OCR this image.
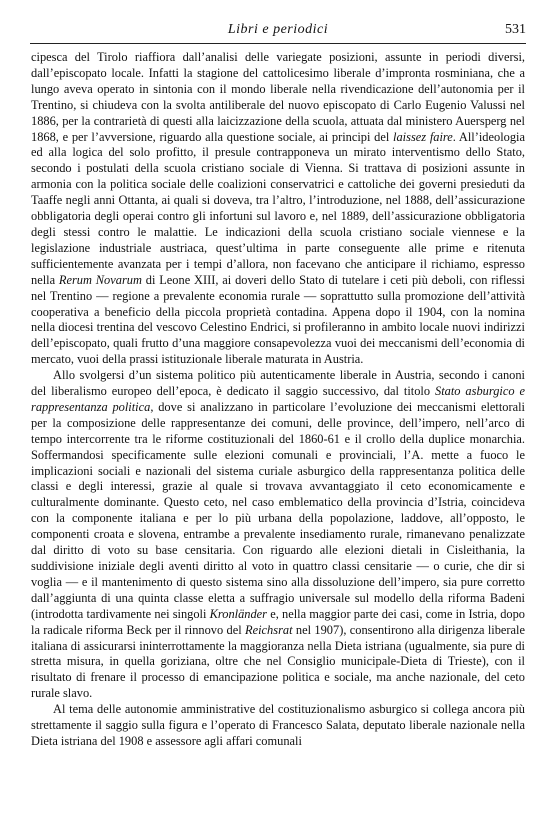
Libri e periodici	531

cipesca del Tirolo riaffiora dall’analisi delle variegate posizioni, assunte in periodi diversi, dall’episcopato locale. Infatti la stagione del cattolicesimo liberale d’impronta rosminiana, che a lungo aveva operato in sintonia con il mondo liberale nella rivendicazione dell’autonomia per il Trentino, si chiudeva con la svolta antiliberale del nuovo episcopato di Carlo Eugenio Valussi nel 1886, per la contrarietà di questi alla laicizzazione della scuola, attuata dal ministero Auersperg nel 1868, e per l’avversione, riguardo alla questione sociale, ai principi del laissez faire. All’ideologia ed alla logica del solo profitto, il presule contrapponeva un mirato interventismo dello Stato, secondo i postulati della scuola cristiano sociale di Vienna. Si trattava di posizioni assunte in armonia con la politica sociale delle coalizioni conservatrici e cattoliche dei governi presieduti da Taaffe negli anni Ottanta, ai quali si doveva, tra l’altro, l’introduzione, nel 1888, dell’assicurazione obbligatoria degli operai contro gli infortuni sul lavoro e, nel 1889, dell’assicurazione obbligatoria degli stessi contro le malattie. Le indicazioni della scuola cristiano sociale viennese e la legislazione industriale austriaca, quest’ultima in parte conseguente alle prime e ritenuta sufficientemente avanzata per i tempi d’allora, non facevano che anticipare il richiamo, espresso nella Rerum Novarum di Leone XIII, ai doveri dello Stato di tutelare i ceti più deboli, con riflessi nel Trentino — regione a prevalente economia rurale — soprattutto sulla promozione dell’attività cooperativa a beneficio della piccola proprietà contadina. Appena dopo il 1904, con la nomina nella diocesi trentina del vescovo Celestino Endrici, si profileranno in ambito locale nuovi indirizzi dell’episcopato, quali frutto d’una maggiore consapevolezza vuoi dei meccanismi dell’economia di mercato, vuoi della prassi istituzionale liberale maturata in Austria.

Allo svolgersi d’un sistema politico più autenticamente liberale in Austria, secondo i canoni del liberalismo europeo dell’epoca, è dedicato il saggio successivo, dal titolo Stato asburgico e rappresentanza politica, dove si analizzano in particolare l’evoluzione dei meccanismi elettorali per la composizione delle rappresentanze dei comuni, delle province, dell’impero, nell’arco di tempo intercorrente tra le riforme costituzionali del 1860-61 e il crollo della duplice monarchia. Soffermandosi specificamente sulle elezioni comunali e provinciali, l’A. mette a fuoco le implicazioni sociali e nazionali del sistema curiale asburgico della rappresentanza politica delle classi e degli interessi, grazie al quale si trovava avvantaggiato il ceto economicamente e culturalmente dominante. Questo ceto, nel caso emblematico della provincia d’Istria, coincideva con la componente italiana e per lo più urbana della popolazione, laddove, all’opposto, le componenti croata e slovena, entrambe a prevalente insediamento rurale, rimanevano penalizzate dal diritto di voto su base censitaria. Con riguardo alle elezioni dietali in Cisleithania, la suddivisione iniziale degli aventi diritto al voto in quattro classi censitarie — o curie, che dir si voglia — e il mantenimento di questo sistema sino alla dissoluzione dell’impero, sia pure corretto dall’aggiunta di una quinta classe eletta a suffragio universale sul modello della riforma Badeni (introdotta tardivamente nei singoli Kronländer e, nella maggior parte dei casi, come in Istria, dopo la radicale riforma Beck per il rinnovo del Reichsrat nel 1907), consentirono alla dirigenza liberale italiana di assicurarsi ininterrottamente la maggioranza nella Dieta istriana (ugualmente, sia pure di stretta misura, in quella goriziana, oltre che nel Consiglio municipale-Dieta di Trieste), con il risultato di frenare il processo di emancipazione politica e sociale, ma anche nazionale, del ceto rurale slavo.

Al tema delle autonomie amministrative del costituzionalismo asburgico si collega ancora più strettamente il saggio sulla figura e l’operato di Francesco Salata, deputato liberale nazionale nella Dieta istriana del 1908 e assessore agli affari comunali
